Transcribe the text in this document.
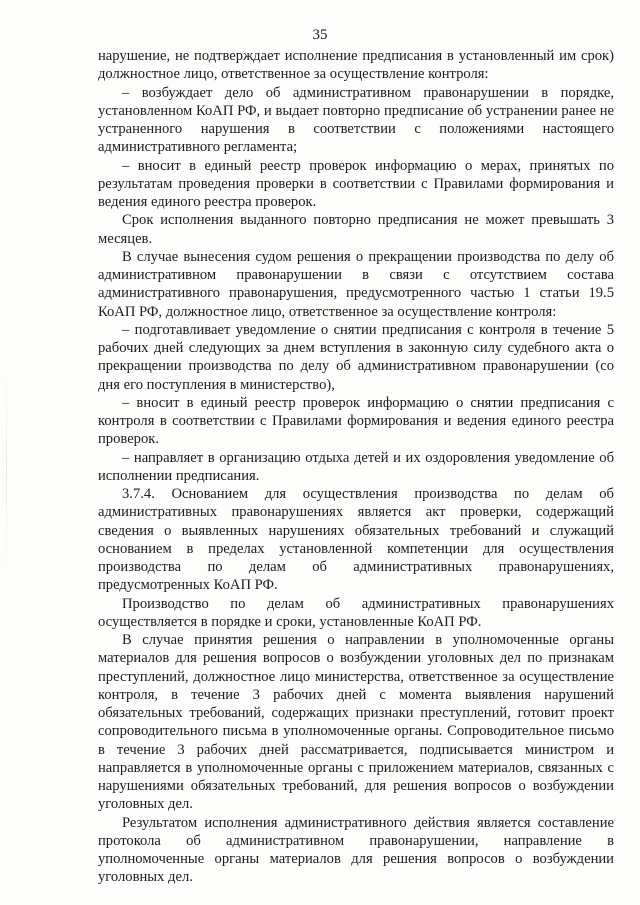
35

нарушение, не подтверждает исполнение предписания в установленный им срок) должностное лицо, ответственное за осуществление контроля:

– возбуждает дело об административном правонарушении в порядке, установленном КоАП РФ, и выдает повторно предписание об устранении ранее не устраненного нарушения в соответствии с положениями настоящего административного регламента;

– вносит в единый реестр проверок информацию о мерах, принятых по результатам проведения проверки в соответствии с Правилами формирования и ведения единого реестра проверок.

Срок исполнения выданного повторно предписания не может превышать 3 месяцев.

В случае вынесения судом решения о прекращении производства по делу об административном правонарушении в связи с отсутствием состава административного правонарушения, предусмотренного частью 1 статьи 19.5 КоАП РФ, должностное лицо, ответственное за осуществление контроля:

– подготавливает уведомление о снятии предписания с контроля в течение 5 рабочих дней следующих за днем вступления в законную силу судебного акта о прекращении производства по делу об административном правонарушении (со дня его поступления в министерство),

– вносит в единый реестр проверок информацию о снятии предписания с контроля в соответствии с Правилами формирования и ведения единого реестра проверок.

– направляет в организацию отдыха детей и их оздоровления уведомление об исполнении предписания.

3.7.4. Основанием для осуществления производства по делам об административных правонарушениях является акт проверки, содержащий сведения о выявленных нарушениях обязательных требований и служащий основанием в пределах установленной компетенции для осуществления производства по делам об административных правонарушениях, предусмотренных КоАП РФ.

Производство по делам об административных правонарушениях осуществляется в порядке и сроки, установленные КоАП РФ.

В случае принятия решения о направлении в уполномоченные органы материалов для решения вопросов о возбуждении уголовных дел по признакам преступлений, должностное лицо министерства, ответственное за осуществление контроля, в течение 3 рабочих дней с момента выявления нарушений обязательных требований, содержащих признаки преступлений, готовит проект сопроводительного письма в уполномоченные органы. Сопроводительное письмо в течение 3 рабочих дней рассматривается, подписывается министром и направляется в уполномоченные органы с приложением материалов, связанных с нарушениями обязательных требований, для решения вопросов о возбуждении уголовных дел.

Результатом исполнения административного действия является составление протокола об административном правонарушении, направление в уполномоченные органы материалов для решения вопросов о возбуждении уголовных дел.
